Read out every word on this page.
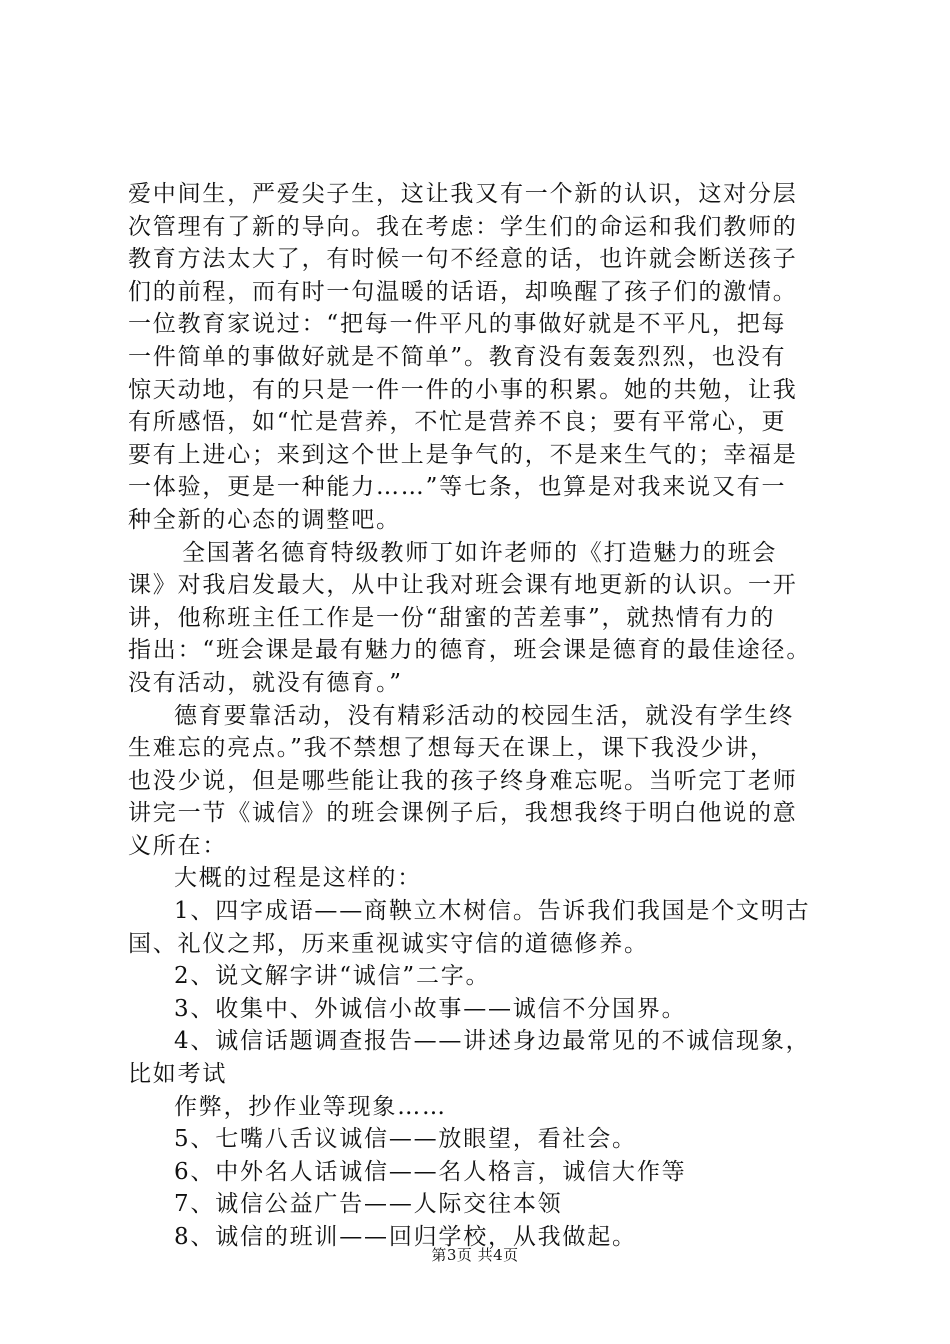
爱中间生，严爱尖子生，这让我又有一个新的认识，这对分层
次管理有了新的导向。我在考虑：学生们的命运和我们教师的
教育方法太大了，有时候一句不经意的话，也许就会断送孩子
们的前程，而有时一句温暖的话语，却唤醒了孩子们的激情。
一位教育家说过：“把每一件平凡的事做好就是不平凡，把每
一件简单的事做好就是不简单”。教育没有轰轰烈烈，也没有
惊天动地，有的只是一件一件的小事的积累。她的共勉，让我
有所感悟，如“忙是营养，不忙是营养不良；要有平常心，更
要有上进心；来到这个世上是争气的，不是来生气的；幸福是
一体验，更是一种能力……”等七条，也算是对我来说又有一
种全新的心态的调整吧。
全国著名德育特级教师丁如许老师的《打造魅力的班会
课》对我启发最大，从中让我对班会课有地更新的认识。一开
讲，他称班主任工作是一份“甜蜜的苦差事”，就热情有力的
指出：“班会课是最有魅力的德育，班会课是德育的最佳途径。
没有活动，就没有德育。”
德育要靠活动，没有精彩活动的校园生活，就没有学生终
生难忘的亮点。”我不禁想了想每天在课上，课下我没少讲，
也没少说，但是哪些能让我的孩子终身难忘呢。当听完丁老师
讲完一节《诚信》的班会课例子后，我想我终于明白他说的意
义所在：
大概的过程是这样的：
1、四字成语——商鞅立木树信。告诉我们我国是个文明古
国、礼仪之邦，历来重视诚实守信的道德修养。
2、说文解字讲“诚信”二字。
3、收集中、外诚信小故事——诚信不分国界。
4、诚信话题调查报告——讲述身边最常见的不诚信现象，
比如考试
作弊，抄作业等现象……
5、七嘴八舌议诚信——放眼望，看社会。
6、中外名人话诚信——名人格言，诚信大作等
7、诚信公益广告——人际交往本领
8、诚信的班训——回归学校，从我做起。
第3页 共4页
